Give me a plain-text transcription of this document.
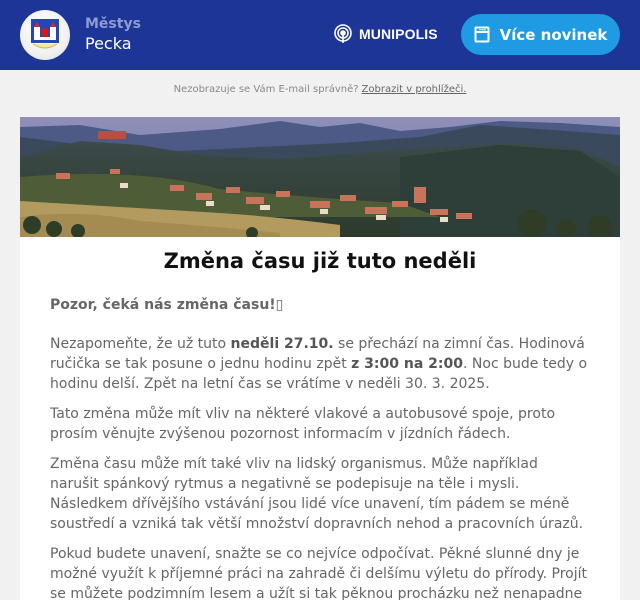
Městys
Pecka	MUNIPOLIS	Více novinek
Nezobrazuje se Vám E-mail správně? Zobrazit v prohlížeči.
Změna času již tuto neděli
Pozor, čeká nás změna času!▯

Nezapomeňte, že už tuto neděli 27.10. se přechází na zimní čas. Hodinová ručička se tak posune o jednu hodinu zpět z 3:00 na 2:00. Noc bude tedy o hodinu delší. Zpět na letní čas se vrátíme v neděli 30. 3. 2025.

Tato změna může mít vliv na některé vlakové a autobusové spoje, proto prosím věnujte zvýšenou pozornost informacím v jízdních řádech.

Změna času může mít také vliv na lidský organismus. Může například narušit spánkový rytmus a negativně se podepisuje na těle i mysli. Následkem dřívějšího vstávání jsou lidé více unavení, tím pádem se méně soustředí a vzniká tak větší množství dopravních nehod a pracovních úrazů.

Pokud budete unavení, snažte se co nejvíce odpočívat. Pěkné slunné dny je možné využít k příjemné práci na zahradě či delšímu výletu do přírody. Projít se můžete podzimním lesem a užít si tak pěknou procházku než nenapadne
